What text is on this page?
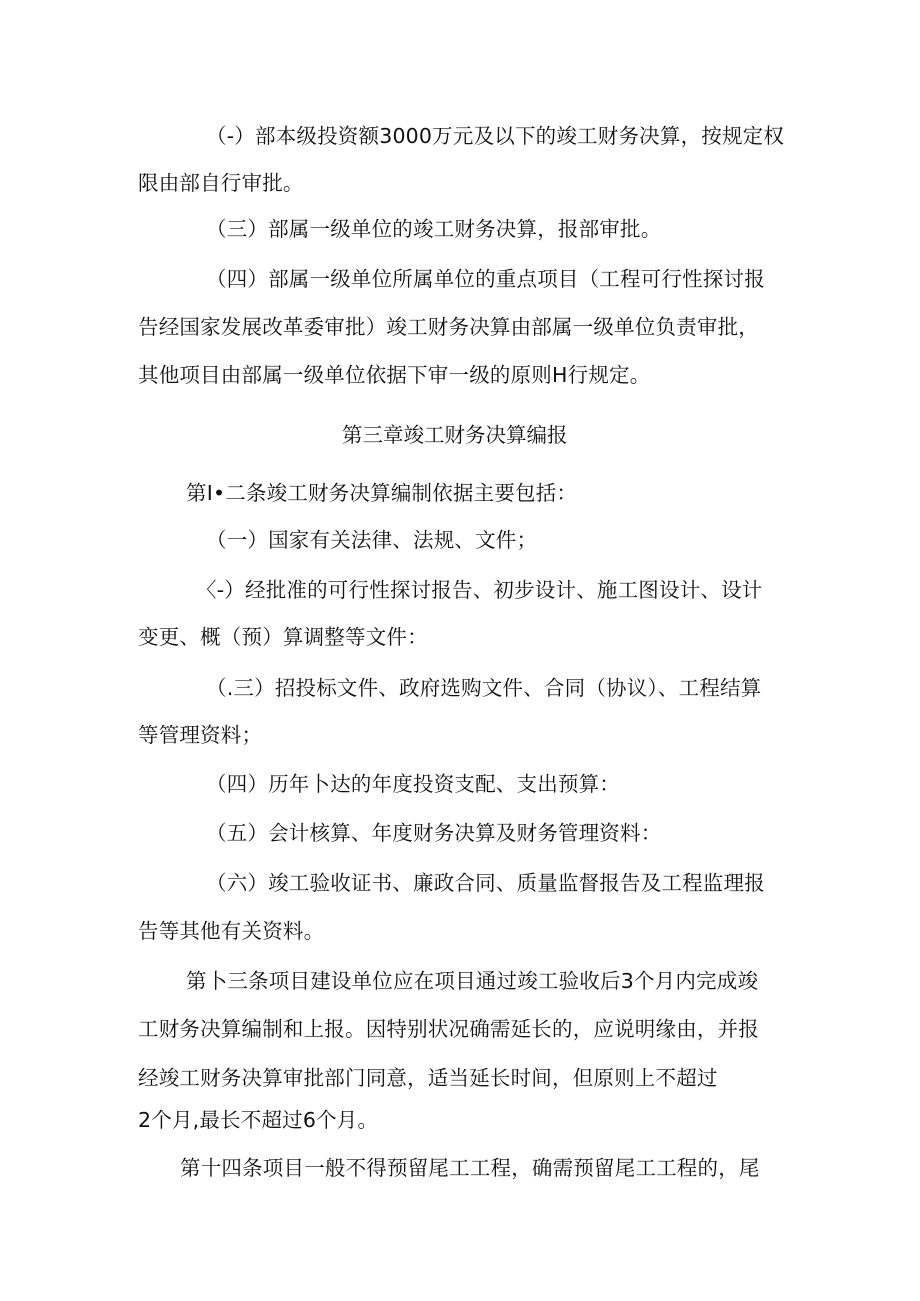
（-）部本级投资额3000万元及以下的竣工财务决算，按规定权
限由部自行审批。
（三）部属一级单位的竣工财务决算，报部审批。
（四）部属一级单位所属单位的重点项目（工程可行性探讨报
告经国家发展改革委审批）竣工财务决算由部属一级单位负责审批，
其他项目由部属一级单位依据下审一级的原则H行规定。
第三章竣工财务决算编报
第I•二条竣工财务决算编制依据主要包括：
（一）国家有关法律、法规、文件；
〈-）经批准的可行性探讨报告、初步设计、施工图设计、设计
变更、概（预）算调整等文件：
（.三）招投标文件、政府选购文件、合同（协议）、工程结算
等管理资料；
（四）历年卜达的年度投资支配、支出预算：
（五）会计核算、年度财务决算及财务管理资料：
（六）竣工验收证书、廉政合同、质量监督报告及工程监理报
告等其他有关资料。
第卜三条项目建设单位应在项目通过竣工验收后3个月内完成竣
工财务决算编制和上报。因特别状况确需延长的，应说明缘由，并报
经竣工财务决算审批部门同意，适当延长时间，但原则上不超过
2个月,最长不超过6个月。
第十四条项目一般不得预留尾工工程，确需预留尾工工程的，尾
